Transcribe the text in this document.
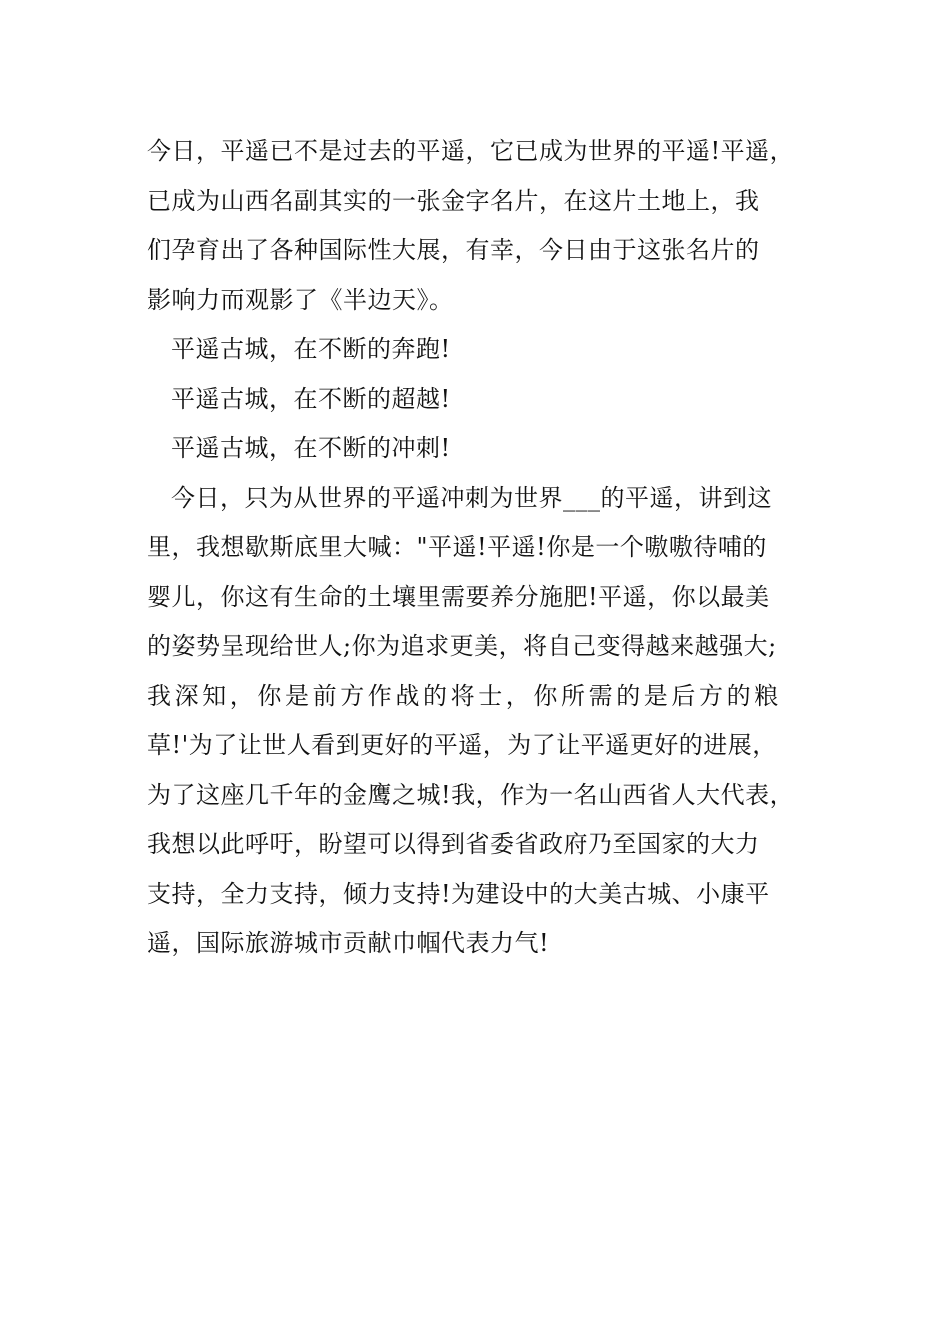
今日，平遥已不是过去的平遥，它已成为世界的平遥!平遥，

已成为山西名副其实的一张金字名片，在这片土地上，我

们孕育出了各种国际性大展，有幸，今日由于这张名片的

影响力而观影了《半边天》。

平遥古城，在不断的奔跑!

平遥古城，在不断的超越!

平遥古城，在不断的冲刺!

今日，只为从世界的平遥冲刺为世界___的平遥，讲到这

里，我想歇斯底里大喊："平遥!平遥!你是一个嗷嗷待哺的

婴儿，你这有生命的土壤里需要养分施肥!平遥，你以最美

的姿势呈现给世人;你为追求更美，将自己变得越来越强大;

我深知，你是前方作战的将士，你所需的是后方的粮

草!'为了让世人看到更好的平遥，为了让平遥更好的进展，

为了这座几千年的金鹰之城!我，作为一名山西省人大代表，

我想以此呼吁，盼望可以得到省委省政府乃至国家的大力

支持，全力支持，倾力支持!为建设中的大美古城、小康平

遥，国际旅游城市贡献巾帼代表力气!
